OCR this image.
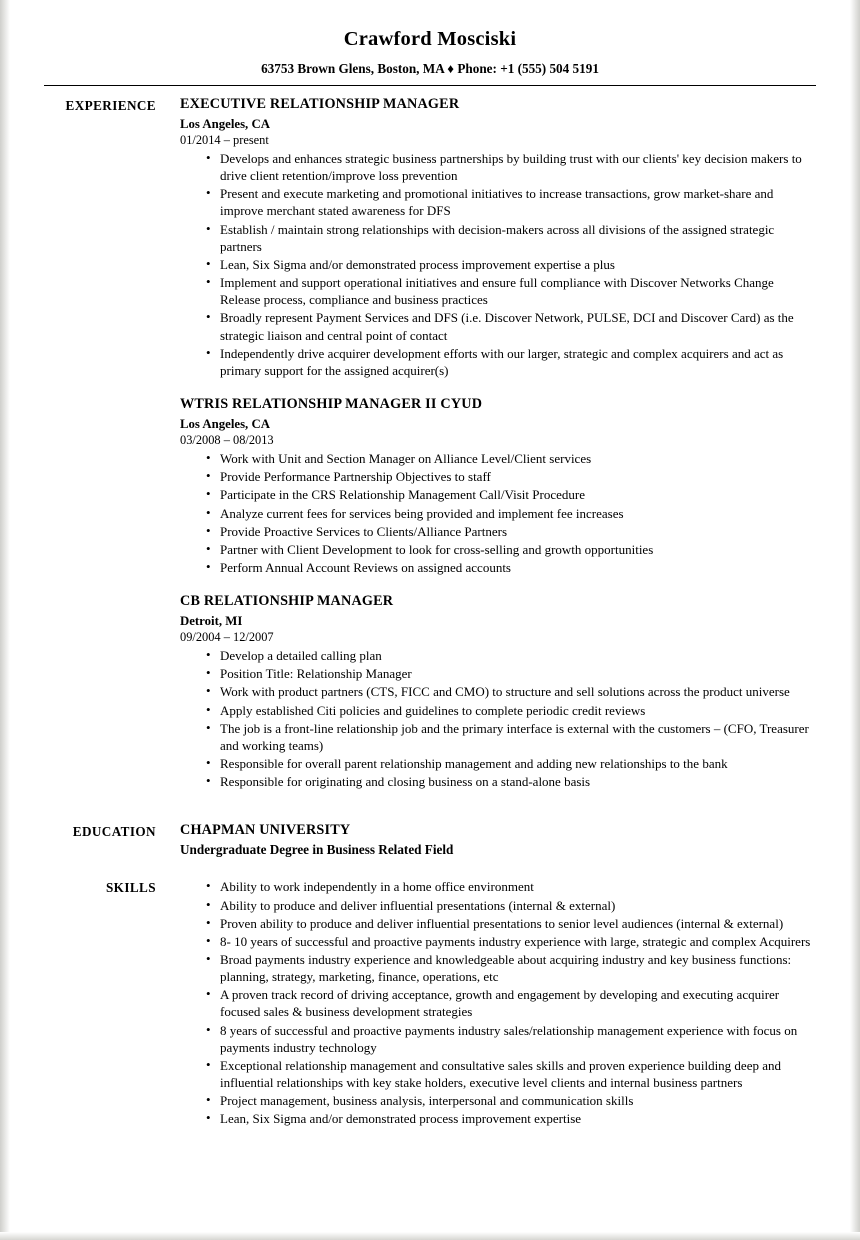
Crawford Mosciski
63753 Brown Glens, Boston, MA ♦ Phone: +1 (555) 504 5191
EXPERIENCE	EXECUTIVE RELATIONSHIP MANAGER
Los Angeles, CA
01/2014 – present
• Develops and enhances strategic business partnerships by building trust with our clients' key decision makers to drive client retention/improve loss prevention
• Present and execute marketing and promotional initiatives to increase transactions, grow market-share and improve merchant stated awareness for DFS
• Establish / maintain strong relationships with decision-makers across all divisions of the assigned strategic partners
• Lean, Six Sigma and/or demonstrated process improvement expertise a plus
• Implement and support operational initiatives and ensure full compliance with Discover Networks Change Release process, compliance and business practices
• Broadly represent Payment Services and DFS (i.e. Discover Network, PULSE, DCI and Discover Card) as the strategic liaison and central point of contact
• Independently drive acquirer development efforts with our larger, strategic and complex acquirers and act as primary support for the assigned acquirer(s)
WTRIS RELATIONSHIP MANAGER II CYUD
Los Angeles, CA
03/2008 – 08/2013
• Work with Unit and Section Manager on Alliance Level/Client services
• Provide Performance Partnership Objectives to staff
• Participate in the CRS Relationship Management Call/Visit Procedure
• Analyze current fees for services being provided and implement fee increases
• Provide Proactive Services to Clients/Alliance Partners
• Partner with Client Development to look for cross-selling and growth opportunities
• Perform Annual Account Reviews on assigned accounts
CB RELATIONSHIP MANAGER
Detroit, MI
09/2004 – 12/2007
• Develop a detailed calling plan
• Position Title: Relationship Manager
• Work with product partners (CTS, FICC and CMO) to structure and sell solutions across the product universe
• Apply established Citi policies and guidelines to complete periodic credit reviews
• The job is a front-line relationship job and the primary interface is external with the customers – (CFO, Treasurer and working teams)
• Responsible for overall parent relationship management and adding new relationships to the bank
• Responsible for originating and closing business on a stand-alone basis
EDUCATION	CHAPMAN UNIVERSITY
Undergraduate Degree in Business Related Field
SKILLS	• Ability to work independently in a home office environment
• Ability to produce and deliver influential presentations (internal & external)
• Proven ability to produce and deliver influential presentations to senior level audiences (internal & external)
• 8- 10 years of successful and proactive payments industry experience with large, strategic and complex Acquirers
• Broad payments industry experience and knowledgeable about acquiring industry and key business functions: planning, strategy, marketing, finance, operations, etc
• A proven track record of driving acceptance, growth and engagement by developing and executing acquirer focused sales & business development strategies
• 8 years of successful and proactive payments industry sales/relationship management experience with focus on payments industry technology
• Exceptional relationship management and consultative sales skills and proven experience building deep and influential relationships with key stake holders, executive level clients and internal business partners
• Project management, business analysis, interpersonal and communication skills
• Lean, Six Sigma and/or demonstrated process improvement expertise
